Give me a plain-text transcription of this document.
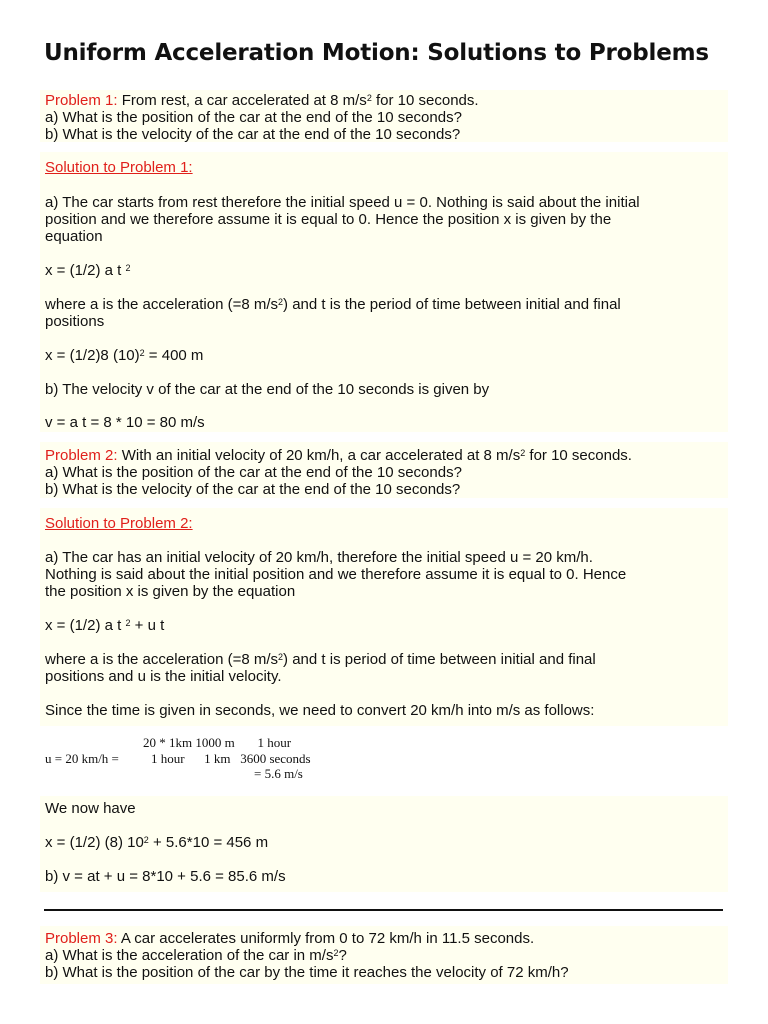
Uniform Acceleration Motion: Solutions to Problems
Problem 1: From rest, a car accelerated at 8 $m/s^2$ for 10 seconds.
a) What is the position of the car at the end of the 10 seconds?
b) What is the velocity of the car at the end of the 10 seconds?
Solution to Problem 1:
a) The car starts from rest therefore the initial speed u = 0. Nothing is said about the initial
position and we therefore assume it is equal to 0. Hence the position x is given by the
equation
x = (1/2) a t $^2$
where a is the acceleration (=8 $m/s^2$) and t is the period of time between initial and final
positions
x = (1/2)8 $(10)^2 = 400$ m
b) The velocity v of the car at the end of the 10 seconds is given by
v = a t = 8 * 10 = 80 m/s
Problem 2: With an initial velocity of 20 km/h, a car accelerated at 8 $m/s^2$ for 10 seconds.
a) What is the position of the car at the end of the 10 seconds?
b) What is the velocity of the car at the end of the 10 seconds?
Solution to Problem 2:
a) The car has an initial velocity of 20 km/h, therefore the initial speed u = 20 km/h.
Nothing is said about the initial position and we therefore assume it is equal to 0. Hence
the position x is given by the equation
x = (1/2) a t $^2$ + u t
where a is the acceleration (=8 $m/s^2$) and t is period of time between initial and final
positions and u is the initial velocity.
Since the time is given in seconds, we need to convert 20 km/h into m/s as follows:
20 * 1km 1000 m       1 hour
u = 20 km/h = 1 hour      1 km   3600 seconds
= 5.6 m/s
We now have
x = (1/2) (8) $10^2 + 5.6*10 = 456$ m
b) v = at + u = 8*10 + 5.6 = 85.6 m/s
Problem 3: A car accelerates uniformly from 0 to 72 km/h in 11.5 seconds.
a) What is the acceleration of the car in $m/s^2$?
b) What is the position of the car by the time it reaches the velocity of 72 km/h?
